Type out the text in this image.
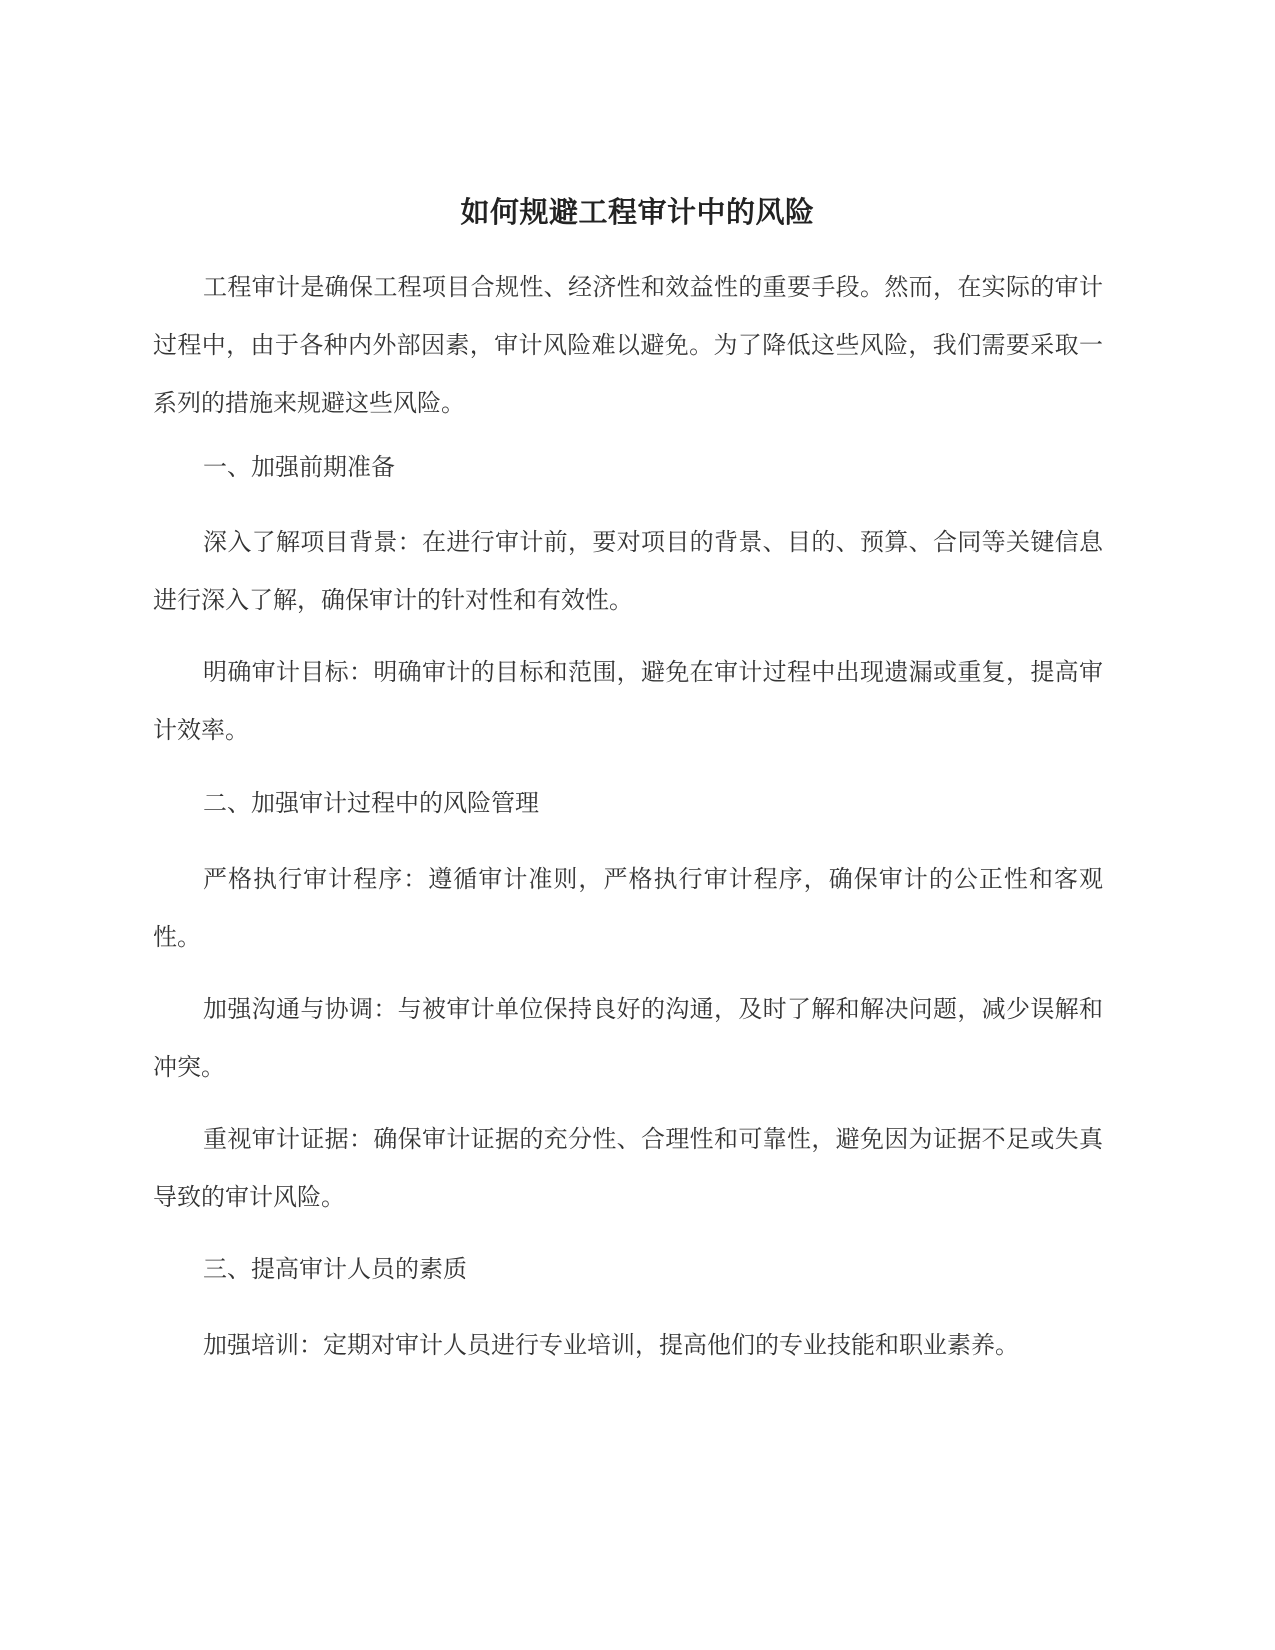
如何规避工程审计中的风险

工程审计是确保工程项目合规性、经济性和效益性的重要手段。然而，在实际的审计过程中，由于各种内外部因素，审计风险难以避免。为了降低这些风险，我们需要采取一系列的措施来规避这些风险。

一、加强前期准备

深入了解项目背景：在进行审计前，要对项目的背景、目的、预算、合同等关键信息进行深入了解，确保审计的针对性和有效性。

明确审计目标：明确审计的目标和范围，避免在审计过程中出现遗漏或重复，提高审计效率。

二、加强审计过程中的风险管理

严格执行审计程序：遵循审计准则，严格执行审计程序，确保审计的公正性和客观性。

加强沟通与协调：与被审计单位保持良好的沟通，及时了解和解决问题，减少误解和冲突。

重视审计证据：确保审计证据的充分性、合理性和可靠性，避免因为证据不足或失真导致的审计风险。

三、提高审计人员的素质

加强培训：定期对审计人员进行专业培训，提高他们的专业技能和职业素养。
